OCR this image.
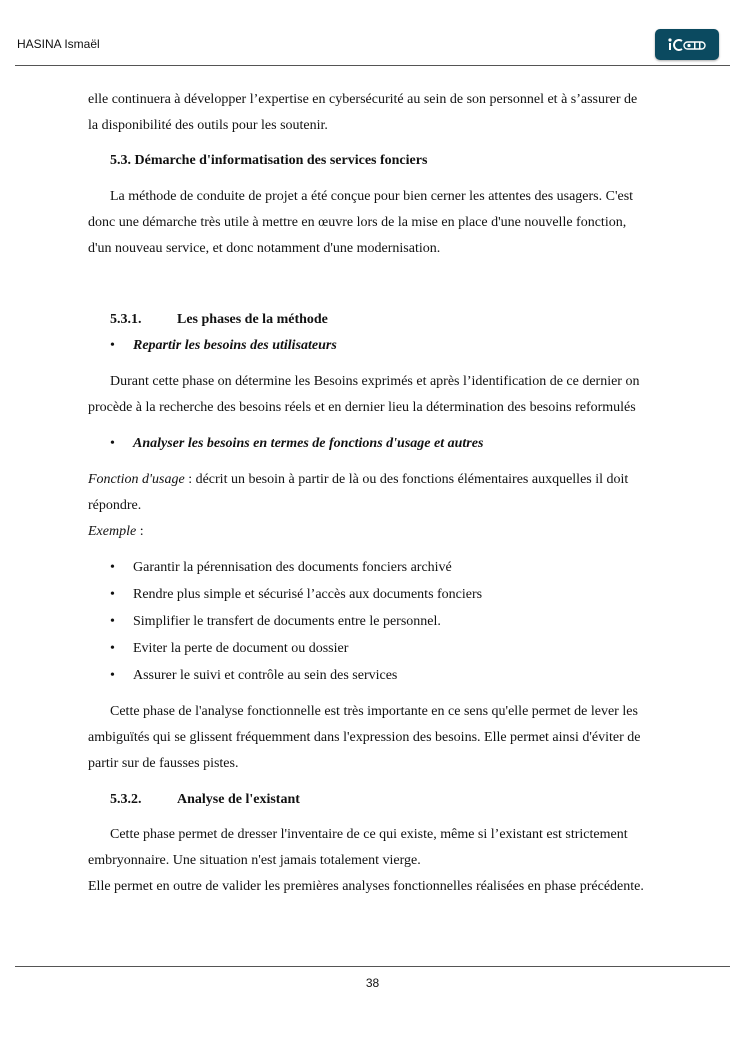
HASINA Ismaël

elle continuera à développer l’expertise en cybersécurité au sein de son personnel et à s’assurer de la disponibilité des outils pour les soutenir.

5.3. Démarche d'informatisation des services fonciers

La méthode de conduite de projet a été conçue pour bien cerner les attentes des usagers. C'est donc une démarche très utile à mettre en œuvre lors de la mise en place d'une nouvelle fonction, d'un nouveau service, et donc notamment d'une modernisation.

5.3.1.	Les phases de la méthode
• Repartir les besoins des utilisateurs

Durant cette phase on détermine les Besoins exprimés et après l’identification de ce dernier on procède à la recherche des besoins réels et en dernier lieu la détermination des besoins reformulés

• Analyser les besoins en termes de fonctions d'usage et autres

Fonction d'usage : décrit un besoin à partir de là ou des fonctions élémentaires auxquelles il doit répondre.

Exemple :

• Garantir la pérennisation des documents fonciers archivé
• Rendre plus simple et sécurisé l’accès aux documents fonciers
• Simplifier le transfert de documents entre le personnel.
• Eviter la perte de document ou dossier
• Assurer le suivi et contrôle au sein des services

Cette phase de l'analyse fonctionnelle est très importante en ce sens qu'elle permet de lever les ambiguïtés qui se glissent fréquemment dans l'expression des besoins. Elle permet ainsi d'éviter de partir sur de fausses pistes.

5.3.2.	Analyse de l'existant

Cette phase permet de dresser l'inventaire de ce qui existe, même si l’existant est strictement embryonnaire. Une situation n'est jamais totalement vierge.

Elle permet en outre de valider les premières analyses fonctionnelles réalisées en phase précédente.

38
